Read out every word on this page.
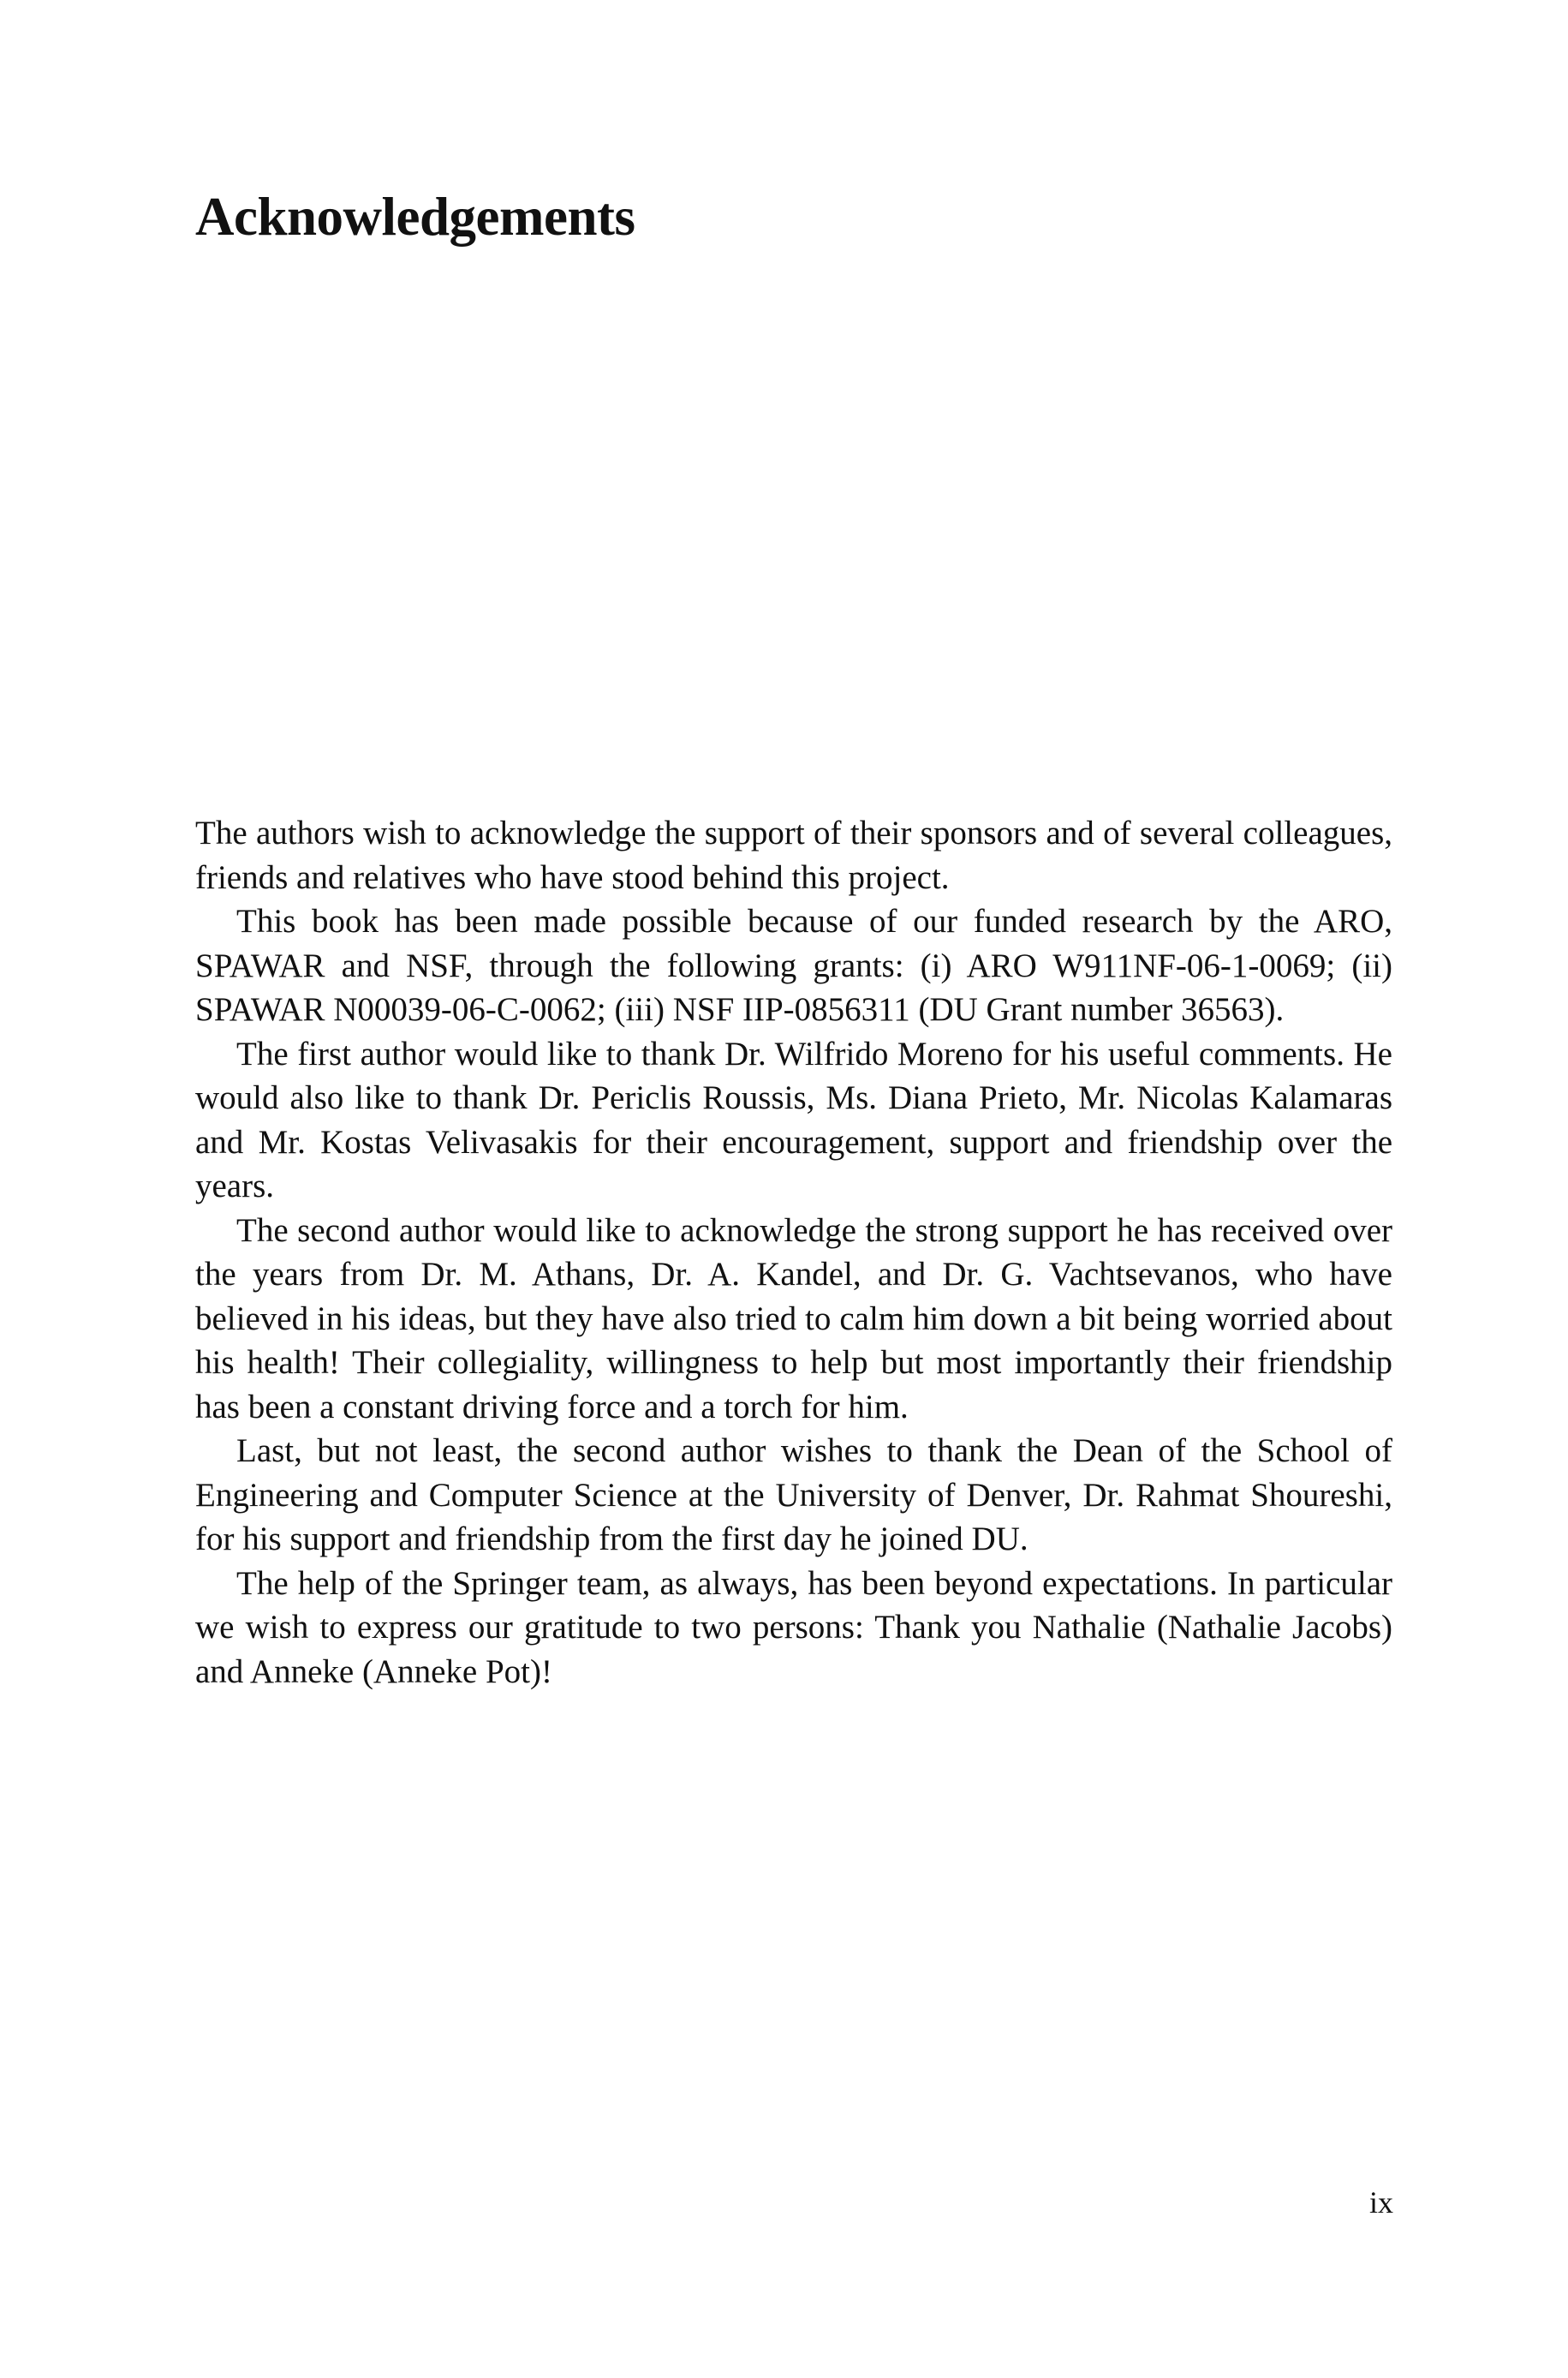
Acknowledgements

The authors wish to acknowledge the support of their sponsors and of several colleagues, friends and relatives who have stood behind this project.

This book has been made possible because of our funded research by the ARO, SPAWAR and NSF, through the following grants: (i) ARO W911NF-06-1-0069; (ii) SPAWAR N00039-06-C-0062; (iii) NSF IIP-0856311 (DU Grant number 36563).

The first author would like to thank Dr. Wilfrido Moreno for his useful comments. He would also like to thank Dr. Periclis Roussis, Ms. Diana Prieto, Mr. Nicolas Kalamaras and Mr. Kostas Velivasakis for their encouragement, support and friendship over the years.

The second author would like to acknowledge the strong support he has received over the years from Dr. M. Athans, Dr. A. Kandel, and Dr. G. Vachtsevanos, who have believed in his ideas, but they have also tried to calm him down a bit being worried about his health! Their collegiality, willingness to help but most importantly their friendship has been a constant driving force and a torch for him.

Last, but not least, the second author wishes to thank the Dean of the School of Engineering and Computer Science at the University of Denver, Dr. Rahmat Shoureshi, for his support and friendship from the first day he joined DU.

The help of the Springer team, as always, has been beyond expectations. In particular we wish to express our gratitude to two persons: Thank you Nathalie (Nathalie Jacobs) and Anneke (Anneke Pot)!

ix
